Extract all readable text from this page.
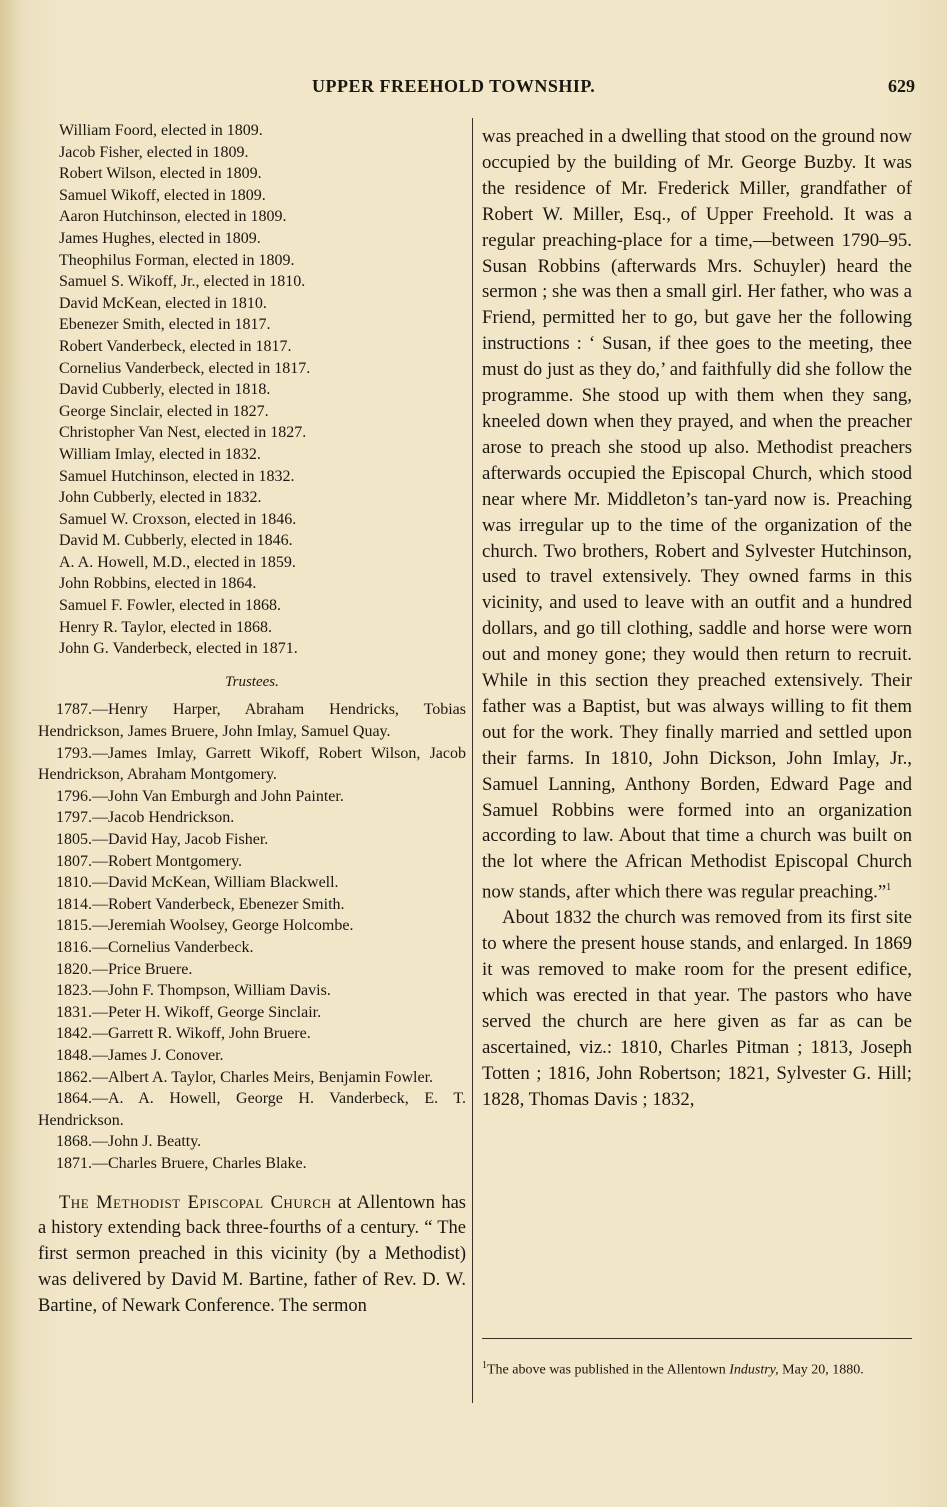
UPPER FREEHOLD TOWNSHIP.	629
William Foord, elected in 1809.
Jacob Fisher, elected in 1809.
Robert Wilson, elected in 1809.
Samuel Wikoff, elected in 1809.
Aaron Hutchinson, elected in 1809.
James Hughes, elected in 1809.
Theophilus Forman, elected in 1809.
Samuel S. Wikoff, Jr., elected in 1810.
David McKean, elected in 1810.
Ebenezer Smith, elected in 1817.
Robert Vanderbeck, elected in 1817.
Cornelius Vanderbeck, elected in 1817.
David Cubberly, elected in 1818.
George Sinclair, elected in 1827.
Christopher Van Nest, elected in 1827.
William Imlay, elected in 1832.
Samuel Hutchinson, elected in 1832.
John Cubberly, elected in 1832.
Samuel W. Croxson, elected in 1846.
David M. Cubberly, elected in 1846.
A. A. Howell, M.D., elected in 1859.
John Robbins, elected in 1864.
Samuel F. Fowler, elected in 1868.
Henry R. Taylor, elected in 1868.
John G. Vanderbeck, elected in 1871.
Trustees.
1787.—Henry Harper, Abraham Hendricks, Tobias Hendrickson, James Bruere, John Imlay, Samuel Quay.
1793.—James Imlay, Garrett Wikoff, Robert Wilson, Jacob Hendrickson, Abraham Montgomery.
1796.—John Van Emburgh and John Painter.
1797.—Jacob Hendrickson.
1805.—David Hay, Jacob Fisher.
1807.—Robert Montgomery.
1810.—David McKean, William Blackwell.
1814.—Robert Vanderbeck, Ebenezer Smith.
1815.—Jeremiah Woolsey, George Holcombe.
1816.—Cornelius Vanderbeck.
1820.—Price Bruere.
1823.—John F. Thompson, William Davis.
1831.—Peter H. Wikoff, George Sinclair.
1842.—Garrett R. Wikoff, John Bruere.
1848.—James J. Conover.
1862.—Albert A. Taylor, Charles Meirs, Benjamin Fowler.
1864.—A. A. Howell, George H. Vanderbeck, E. T. Hendrickson.
1868.—John J. Beatty.
1871.—Charles Bruere, Charles Blake.
The Methodist Episcopal Church at Allentown has a history extending back three-fourths of a century. “ The first sermon preached in this vicinity (by a Methodist) was delivered by David M. Bartine, father of Rev. D. W. Bartine, of Newark Conference. The sermon

was preached in a dwelling that stood on the ground now occupied by the building of Mr. George Buzby. It was the residence of Mr. Frederick Miller, grandfather of Robert W. Miller, Esq., of Upper Freehold. It was a regular preaching-place for a time,—between 1790–95. Susan Robbins (afterwards Mrs. Schuyler) heard the sermon ; she was then a small girl. Her father, who was a Friend, permitted her to go, but gave her the following instructions : ‘ Susan, if thee goes to the meeting, thee must do just as they do,’ and faithfully did she follow the programme. She stood up with them when they sang, kneeled down when they prayed, and when the preacher arose to preach she stood up also. Methodist preachers afterwards occupied the Episcopal Church, which stood near where Mr. Middleton’s tan-yard now is. Preaching was irregular up to the time of the organization of the church. Two brothers, Robert and Sylvester Hutchinson, used to travel extensively. They owned farms in this vicinity, and used to leave with an outfit and a hundred dollars, and go till clothing, saddle and horse were worn out and money gone; they would then return to recruit. While in this section they preached extensively. Their father was a Baptist, but was always willing to fit them out for the work. They finally married and settled upon their farms. In 1810, John Dickson, John Imlay, Jr., Samuel Lanning, Anthony Borden, Edward Page and Samuel Robbins were formed into an organization according to law. About that time a church was built on the lot where the African Methodist Episcopal Church now stands, after which there was regular preaching.”$^1$

About 1832 the church was removed from its first site to where the present house stands, and enlarged. In 1869 it was removed to make room for the present edifice, which was erected in that year. The pastors who have served the church are here given as far as can be ascertained, viz.: 1810, Charles Pitman ; 1813, Joseph Totten ; 1816, John Robertson; 1821, Sylvester G. Hill; 1828, Thomas Davis ; 1832,

$^1$The above was published in the Allentown Industry, May 20, 1880.
